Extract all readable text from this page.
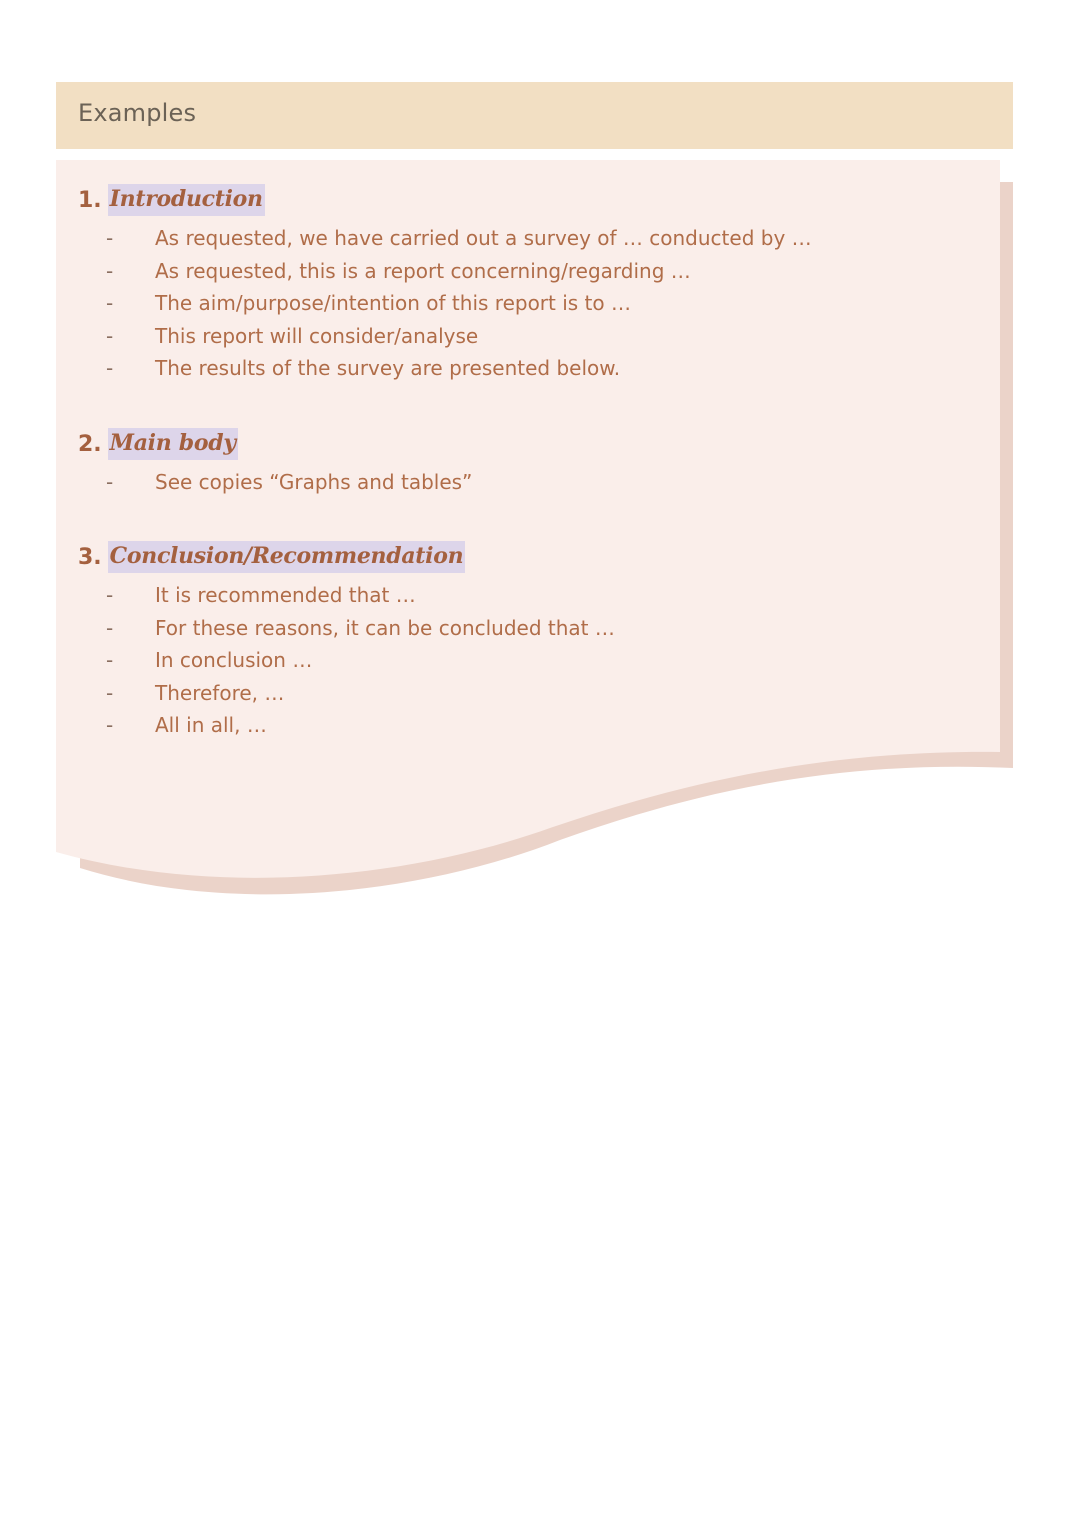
Examples
1. Introduction
- As requested, we have carried out a survey of … conducted by …
- As requested, this is a report concerning/regarding …
- The aim/purpose/intention of this report is to …
- This report will consider/analyse
- The results of the survey are presented below.
2. Main body
- See copies “Graphs and tables”
3. Conclusion/Recommendation
- It is recommended that …
- For these reasons, it can be concluded that …
- In conclusion …
- Therefore, …
- All in all, …
